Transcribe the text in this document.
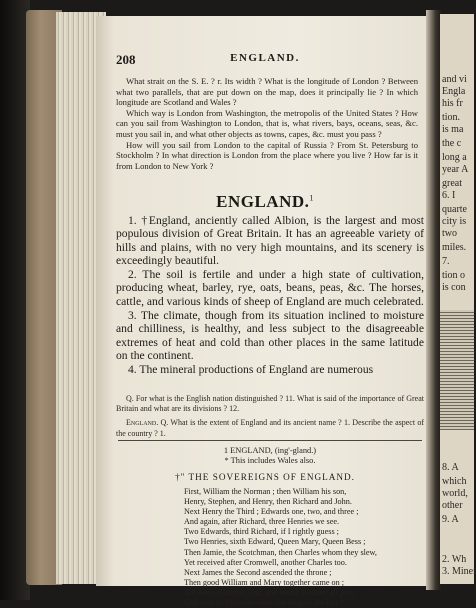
208	ENGLAND.

What strait on the S. E. ? r. Its width ? What is the longitude of London ? Between what two parallels, that are put down on the map, does it principally lie ? In which longitude are Scotland and Wales ?

Which way is London from Washington, the metropolis of the United States ? How can you sail from Washington to London, that is, what rivers, bays, oceans, seas, &c. must you sail in, and what other objects as towns, capes, &c. must you pass ?

How will you sail from London to the capital of Russia ? From St. Petersburg to Stockholm ? In what direction is London from the place where you live ? How far is it from London to New York ?

ENGLAND.$^1$

1. †England, anciently called Albion, is the largest and most populous division of Great Britain. It has an agreeable variety of hills and plains, with no very high mountains, and its scenery is exceedingly beautiful.

2. The soil is fertile and under a high state of cultivation, producing wheat, barley, rye, oats, beans, peas, &c. The horses, cattle, and various kinds of sheep of England are much celebrated.

3. The climate, though from its situation inclined to moisture and chilliness, is healthy, and less subject to the disagreeable extremes of heat and cold than other places in the same latitude on the continent.

4. The mineral productions of England are numerous

Q. For what is the English nation distinguished ? 11. What is said of the importance of Great Britain and what are its divisions ? 12.

England. Q. What is the extent of England and its ancient name ? 1. Describe the aspect of the country ? 1.

1 ENGLAND, (ing'-gland.)
* This includes Wales also.
†" THE SOVEREIGNS OF ENGLAND.
First, William the Norman ; then William his son,
Henry, Stephen, and Henry, then Richard and John.
Next Henry the Third ; Edwards one, two, and three ;
And again, after Richard, three Henries we see.
Two Edwards, third Richard, if I rightly guess ;
Two Henries, sixth Edward, Queen Mary, Queen Bess ;
Then Jamie, the Scotchman, then Charles whom they slew,
Yet received after Cromwell, another Charles too.
Next James the Second ascended the throne ;
Then good William and Mary together came on ;
Till Anne, Georges four, and fourth William all past,
God sent us Victoria—may she long be the last !"
and vi
Engla
his fr
tion.
is ma
the c
long a
year A
great
6. I
quarte
city is
two
miles.
7.
tion o
is con
8. A
which
world,
other
9. A
2. Wh
3. Miner
